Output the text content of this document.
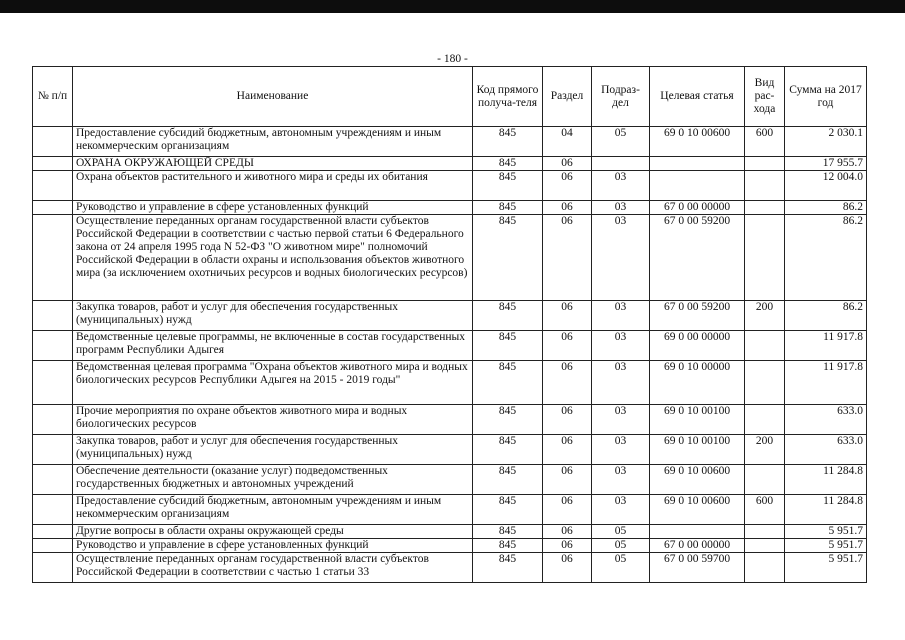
- 180 -
№ п/п	Наименование	Код прямого получа-теля	Раздел	Подраз-дел	Целевая статья	Вид рас-хода	Сумма на 2017 год
	Предоставление субсидий бюджетным, автономным учреждениям и иным некоммерческим организациям	845	04	05	69 0 10 00600	600	2 030.1
	ОХРАНА ОКРУЖАЮЩЕЙ СРЕДЫ	845	06				17 955.7
	Охрана объектов растительного и животного мира и среды их обитания	845	06	03			12 004.0
	Руководство и управление в сфере установленных функций	845	06	03	67 0 00 00000		86.2
	Осуществление переданных органам государственной власти субъектов Российской Федерации в соответствии с частью первой статьи 6 Федерального закона от 24 апреля 1995 года N 52-ФЗ "О животном мире" полномочий Российской Федерации в области охраны и использования объектов животного мира (за исключением охотничьих ресурсов и водных биологических ресурсов)	845	06	03	67 0 00 59200		86.2
	Закупка товаров, работ и услуг для обеспечения государственных (муниципальных) нужд	845	06	03	67 0 00 59200	200	86.2
	Ведомственные целевые программы, не включенные в состав государственных программ Республики Адыгея	845	06	03	69 0 00 00000		11 917.8
	Ведомственная целевая программа "Охрана объектов животного мира и водных биологических ресурсов Республики Адыгея на 2015 - 2019 годы"	845	06	03	69 0 10 00000		11 917.8
	Прочие мероприятия по охране объектов животного мира и водных биологических ресурсов	845	06	03	69 0 10 00100		633.0
	Закупка товаров, работ и услуг для обеспечения государственных (муниципальных) нужд	845	06	03	69 0 10 00100	200	633.0
	Обеспечение деятельности (оказание услуг) подведомственных государственных бюджетных и автономных учреждений	845	06	03	69 0 10 00600		11 284.8
	Предоставление субсидий бюджетным, автономным учреждениям и иным некоммерческим организациям	845	06	03	69 0 10 00600	600	11 284.8
	Другие вопросы в области охраны окружающей среды	845	06	05			5 951.7
	Руководство и управление в сфере установленных функций	845	06	05	67 0 00 00000		5 951.7
	Осуществление переданных органам государственной власти субъектов Российской Федерации в соответствии с частью 1 статьи 33	845	06	05	67 0 00 59700		5 951.7
